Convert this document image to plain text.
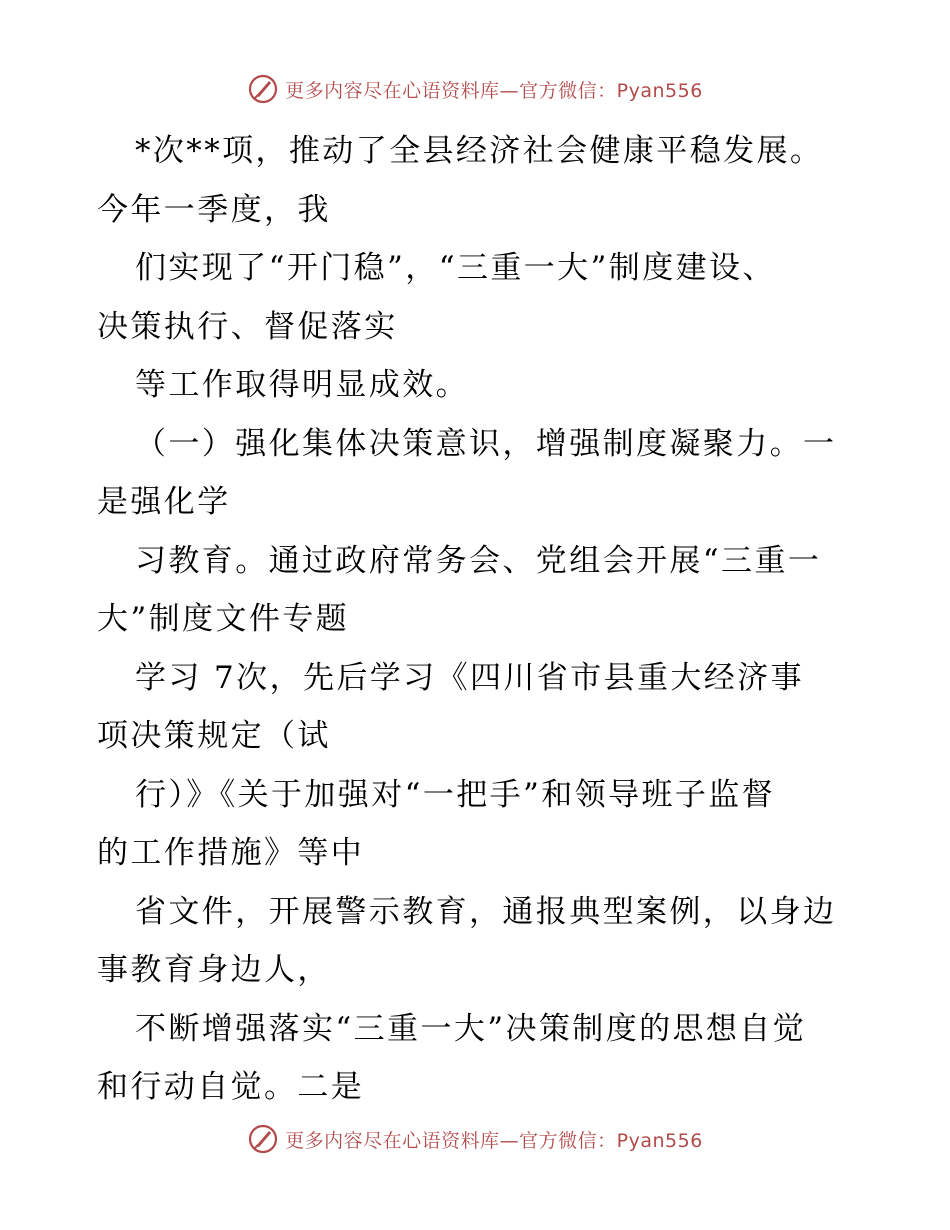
更多内容尽在心语资料库—官方微信：Pyan556
*次**项，推动了全县经济社会健康平稳发展。
今年一季度，我
们实现了“开门稳”，“三重一大”制度建设、
决策执行、督促落实
等工作取得明显成效。
（一）强化集体决策意识，增强制度凝聚力。一
是强化学
习教育。通过政府常务会、党组会开展“三重一
大”制度文件专题
学习 7次，先后学习《四川省市县重大经济事
项决策规定（试
行）》《关于加强对“一把手”和领导班子监督
的工作措施》等中
省文件，开展警示教育，通报典型案例，以身边
事教育身边人，
不断增强落实“三重一大”决策制度的思想自觉
和行动自觉。二是
更多内容尽在心语资料库—官方微信：Pyan556
